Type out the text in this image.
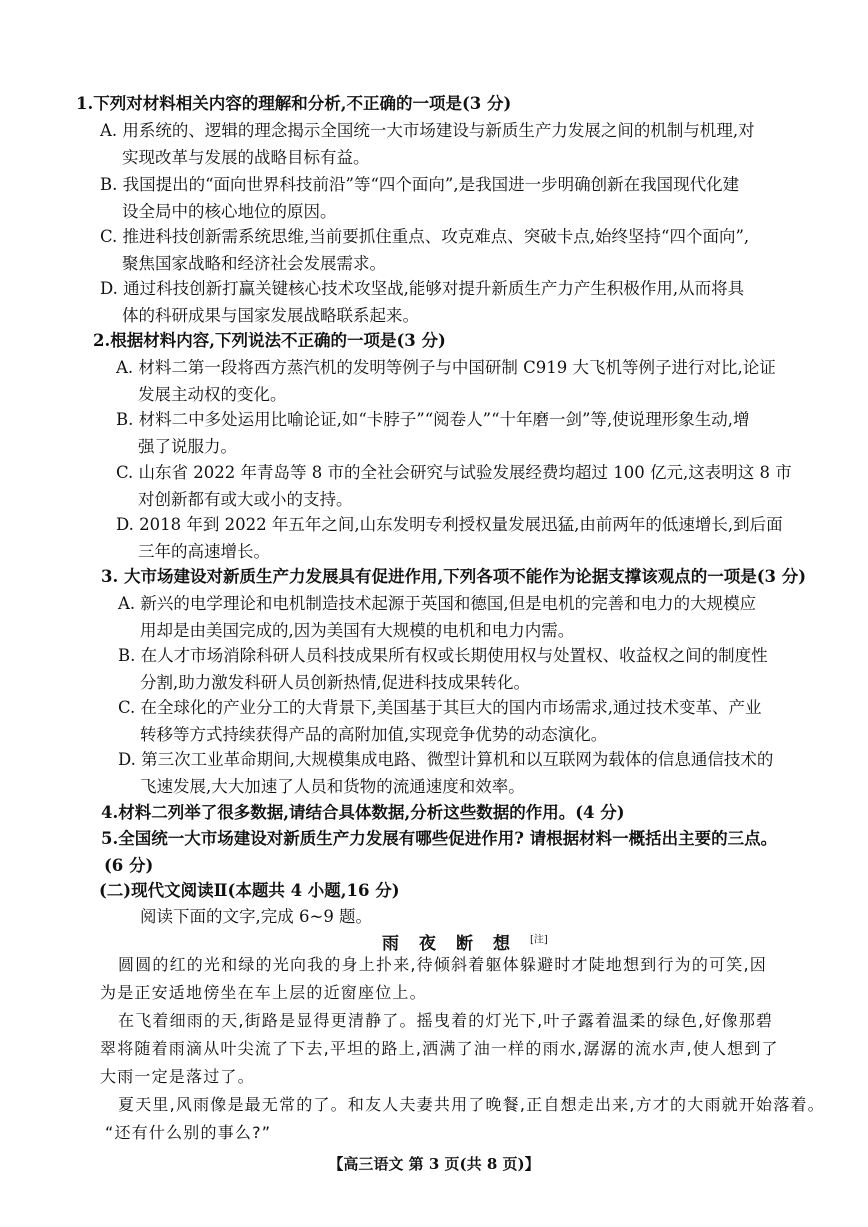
1.下列对材料相关内容的理解和分析,不正确的一项是(3 分)
A. 用系统的、逻辑的理念揭示全国统一大市场建设与新质生产力发展之间的机制与机理,对
实现改革与发展的战略目标有益。
B. 我国提出的“面向世界科技前沿”等“四个面向”,是我国进一步明确创新在我国现代化建
设全局中的核心地位的原因。
C. 推进科技创新需系统思维,当前要抓住重点、攻克难点、突破卡点,始终坚持“四个面向”,
聚焦国家战略和经济社会发展需求。
D. 通过科技创新打赢关键核心技术攻坚战,能够对提升新质生产力产生积极作用,从而将具
体的科研成果与国家发展战略联系起来。
2.根据材料内容,下列说法不正确的一项是(3 分)
A. 材料二第一段将西方蒸汽机的发明等例子与中国研制 C919 大飞机等例子进行对比,论证
发展主动权的变化。
B. 材料二中多处运用比喻论证,如“卡脖子”“阅卷人”“十年磨一剑”等,使说理形象生动,增
强了说服力。
C. 山东省 2022 年青岛等 8 市的全社会研究与试验发展经费均超过 100 亿元,这表明这 8 市
对创新都有或大或小的支持。
D. 2018 年到 2022 年五年之间,山东发明专利授权量发展迅猛,由前两年的低速增长,到后面
三年的高速增长。
3. 大市场建设对新质生产力发展具有促进作用,下列各项不能作为论据支撑该观点的一项是(3 分)
A. 新兴的电学理论和电机制造技术起源于英国和德国,但是电机的完善和电力的大规模应
用却是由美国完成的,因为美国有大规模的电机和电力内需。
B. 在人才市场消除科研人员科技成果所有权或长期使用权与处置权、收益权之间的制度性
分割,助力激发科研人员创新热情,促进科技成果转化。
C. 在全球化的产业分工的大背景下,美国基于其巨大的国内市场需求,通过技术变革、产业
转移等方式持续获得产品的高附加值,实现竞争优势的动态演化。
D. 第三次工业革命期间,大规模集成电路、微型计算机和以互联网为载体的信息通信技术的
飞速发展,大大加速了人员和货物的流通速度和效率。
4.材料二列举了很多数据,请结合具体数据,分析这些数据的作用。(4 分)
5.全国统一大市场建设对新质生产力发展有哪些促进作用? 请根据材料一概括出主要的三点。
(6 分)
(二)现代文阅读Ⅱ(本题共 4 小题,16 分)
阅读下面的文字,完成 6~9 题。
雨夜断想[注]
圆圆的红的光和绿的光向我的身上扑来,待倾斜着躯体躲避时才陡地想到行为的可笑,因
为是正安适地傍坐在车上层的近窗座位上。
在飞着细雨的天,街路是显得更清静了。摇曳着的灯光下,叶子露着温柔的绿色,好像那碧
翠将随着雨滴从叶尖流了下去,平坦的路上,洒满了油一样的雨水,潺潺的流水声,使人想到了
大雨一定是落过了。
夏天里,风雨像是最无常的了。和友人夫妻共用了晚餐,正自想走出来,方才的大雨就开始落着。
“还有什么别的事么?”
【高三语文 第 3 页(共 8 页)】
